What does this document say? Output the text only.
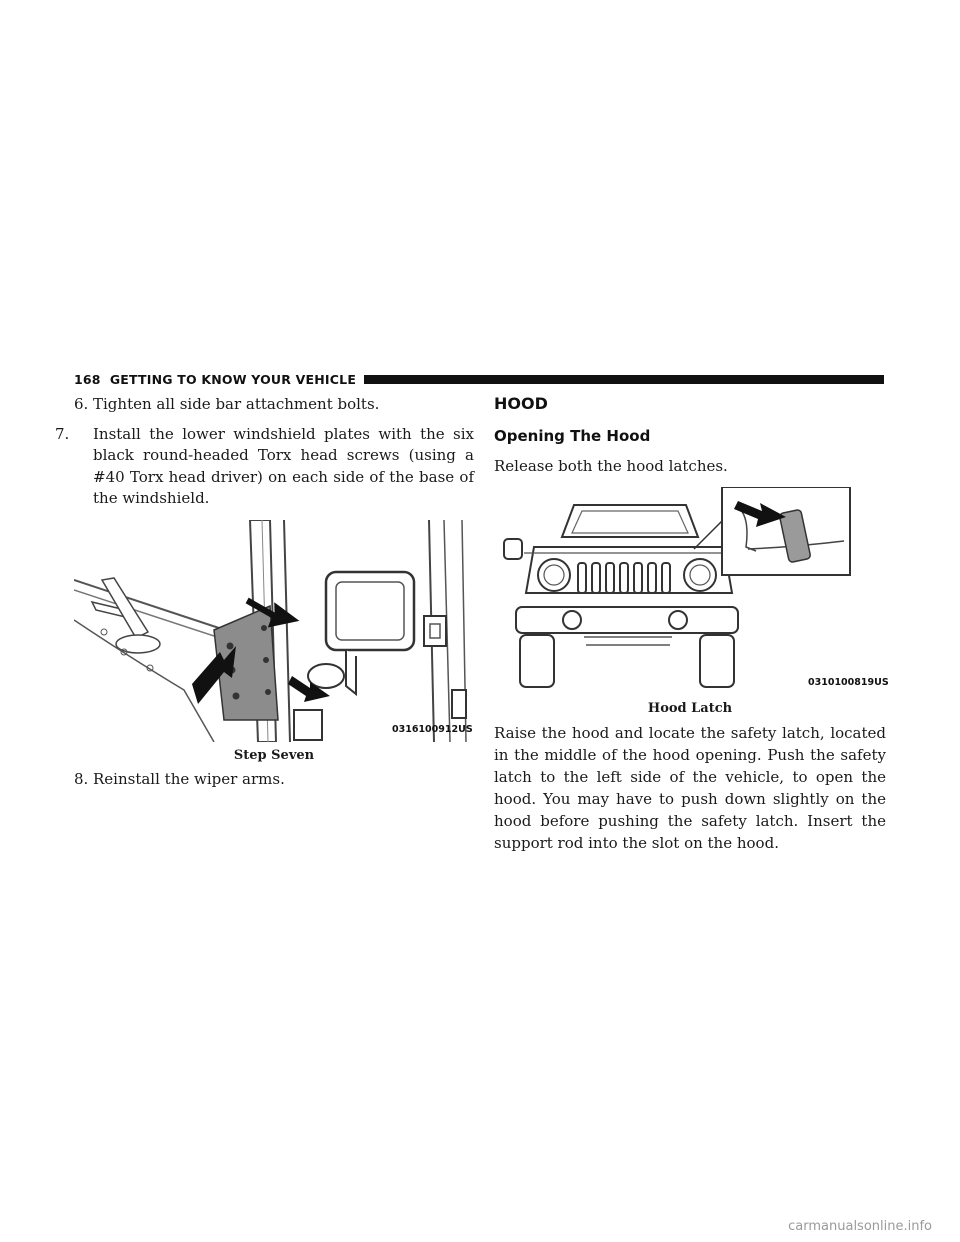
168 GETTING TO KNOW YOUR VEHICLE

6. Tighten all side bar attachment bolts.

7. Install the lower windshield plates with the six black round-headed Torx head screws (using a #40 Torx head driver) on each side of the base of the windshield.

0316100912US
Step Seven

8. Reinstall the wiper arms.

HOOD
Opening The Hood

Release both the hood latches.

0310100819US
Hood Latch

Raise the hood and locate the safety latch, located in the middle of the hood opening. Push the safety latch to the left side of the vehicle, to open the hood. You may have to push down slightly on the hood before pushing the safety latch. Insert the support rod into the slot on the hood.

carmanualsonline.info
